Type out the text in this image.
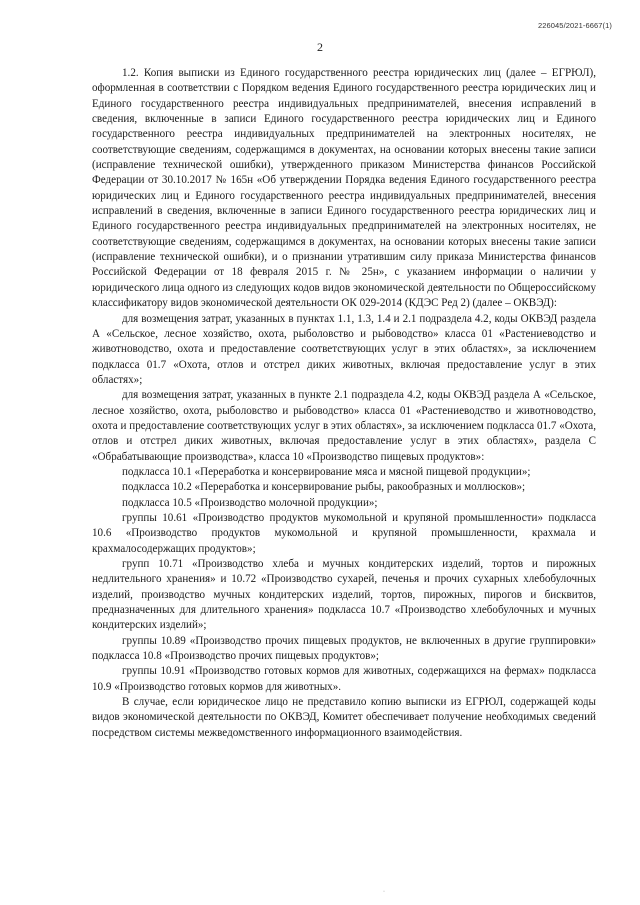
226045/2021-6667(1)
2

1.2. Копия выписки из Единого государственного реестра юридических лиц (далее – ЕГРЮЛ), оформленная в соответствии с Порядком ведения Единого государственного реестра юридических лиц и Единого государственного реестра индивидуальных предпринимателей, внесения исправлений в сведения, включенные в записи Единого государственного реестра юридических лиц и Единого государственного реестра индивидуальных предпринимателей на электронных носителях, не соответствующие сведениям, содержащимся в документах, на основании которых внесены такие записи (исправление технической ошибки), утвержденного приказом Министерства финансов Российской Федерации от 30.10.2017 № 165н «Об утверждении Порядка ведения Единого государственного реестра юридических лиц и Единого государственного реестра индивидуальных предпринимателей, внесения исправлений в сведения, включенные в записи Единого государственного реестра юридических лиц и Единого государственного реестра индивидуальных предпринимателей на электронных носителях, не соответствующие сведениям, содержащимся в документах, на основании которых внесены такие записи (исправление технической ошибки), и о признании утратившим силу приказа Министерства финансов Российской Федерации от 18 февраля 2015 г. № 25н», с указанием информации о наличии у юридического лица одного из следующих кодов видов экономической деятельности по Общероссийскому классификатору видов экономической деятельности ОК 029-2014 (КДЭС Ред 2) (далее – ОКВЭД):

для возмещения затрат, указанных в пунктах 1.1, 1.3, 1.4 и 2.1 подраздела 4.2, коды ОКВЭД раздела А «Сельское, лесное хозяйство, охота, рыболовство и рыбоводство» класса 01 «Растениеводство и животноводство, охота и предоставление соответствующих услуг в этих областях», за исключением подкласса 01.7 «Охота, отлов и отстрел диких животных, включая предоставление услуг в этих областях»;

для возмещения затрат, указанных в пункте 2.1 подраздела 4.2, коды ОКВЭД раздела А «Сельское, лесное хозяйство, охота, рыболовство и рыбоводство» класса 01 «Растениеводство и животноводство, охота и предоставление соответствующих услуг в этих областях», за исключением подкласса 01.7 «Охота, отлов и отстрел диких животных, включая предоставление услуг в этих областях», раздела С «Обрабатывающие производства», класса 10 «Производство пищевых продуктов»:

подкласса 10.1 «Переработка и консервирование мяса и мясной пищевой продукции»;

подкласса 10.2 «Переработка и консервирование рыбы, ракообразных и моллюсков»;

подкласса 10.5 «Производство молочной продукции»;

группы 10.61 «Производство продуктов мукомольной и крупяной промышленности» подкласса 10.6 «Производство продуктов мукомольной и крупяной промышленности, крахмала и крахмалосодержащих продуктов»;

групп 10.71 «Производство хлеба и мучных кондитерских изделий, тортов и пирожных недлительного хранения» и 10.72 «Производство сухарей, печенья и прочих сухарных хлебобулочных изделий, производство мучных кондитерских изделий, тортов, пирожных, пирогов и бисквитов, предназначенных для длительного хранения» подкласса 10.7 «Производство хлебобулочных и мучных кондитерских изделий»;

группы 10.89 «Производство прочих пищевых продуктов, не включенных в другие группировки» подкласса 10.8 «Производство прочих пищевых продуктов»;

группы 10.91 «Производство готовых кормов для животных, содержащихся на фермах» подкласса 10.9 «Производство готовых кормов для животных».

В случае, если юридическое лицо не представило копию выписки из ЕГРЮЛ, содержащей коды видов экономической деятельности по ОКВЭД, Комитет обеспечивает получение необходимых сведений посредством системы межведомственного информационного взаимодействия.

·
